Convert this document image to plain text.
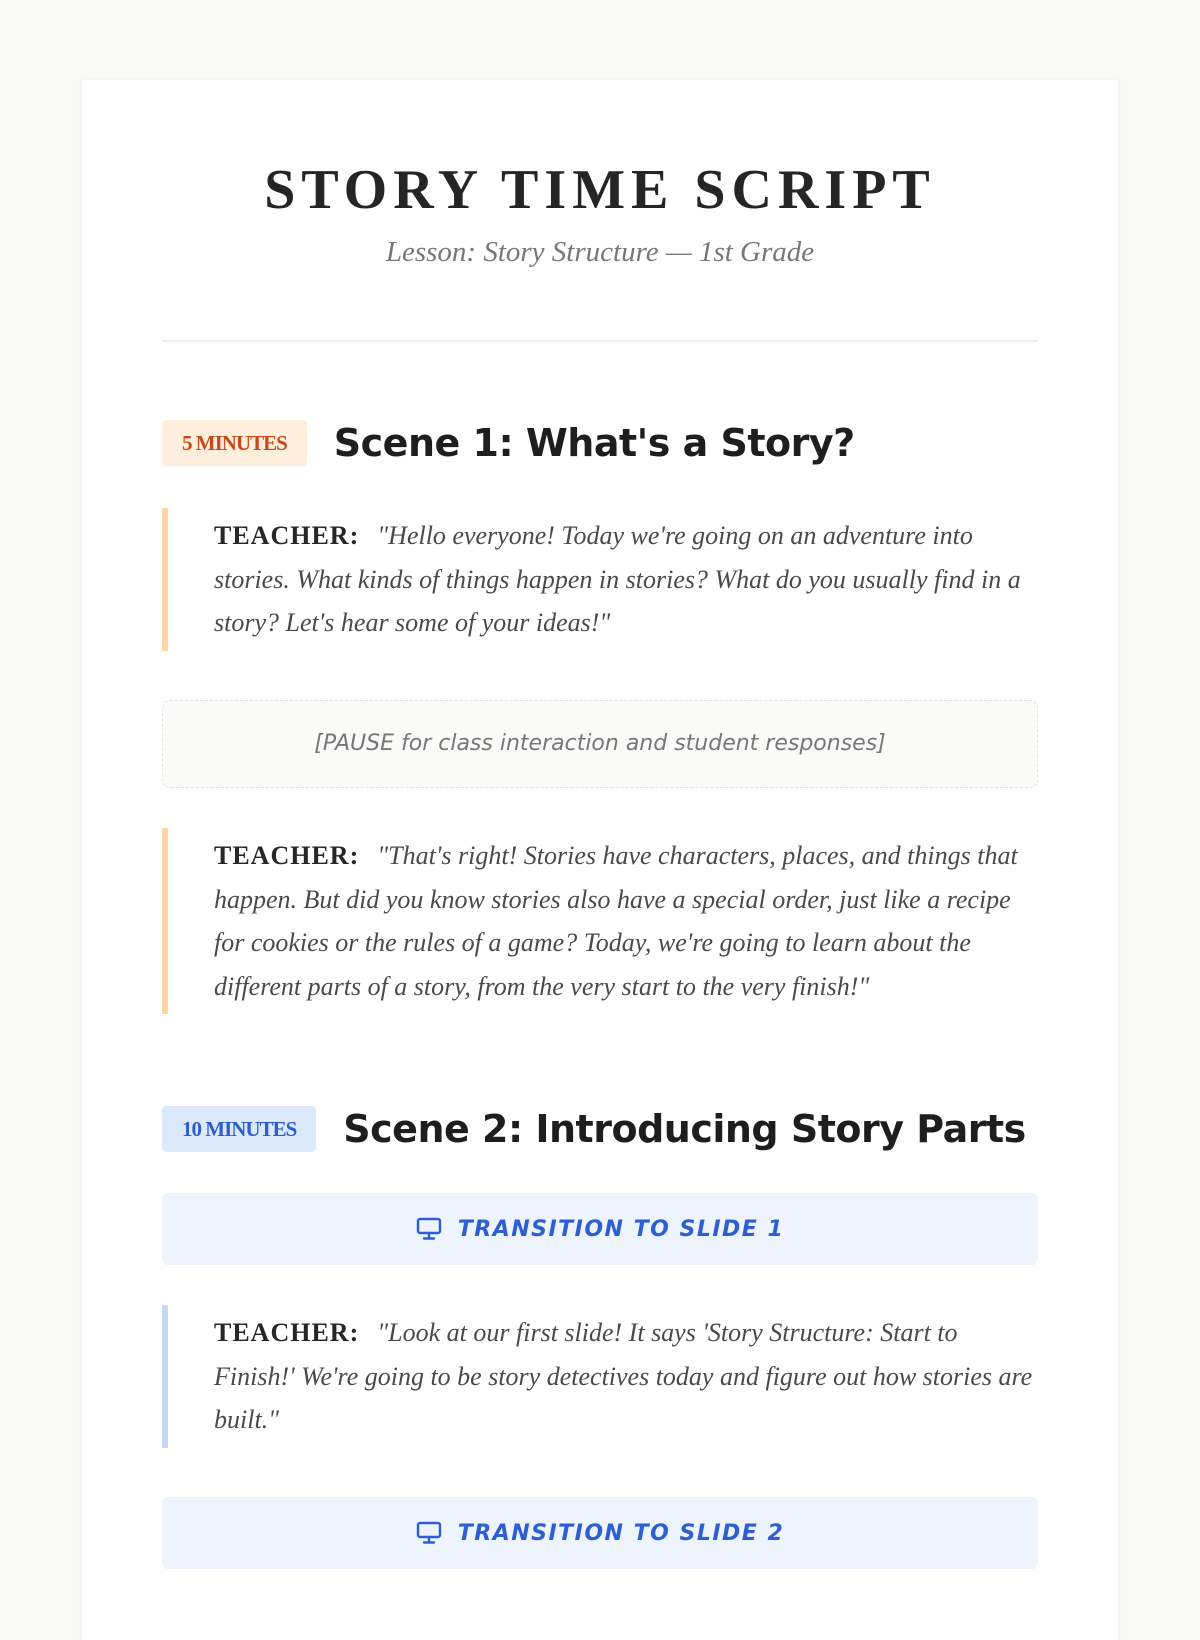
STORY TIME SCRIPT
Lesson: Story Structure — 1st Grade
5 MINUTES	Scene 1: What's a Story?

TEACHER: "Hello everyone! Today we're going on an adventure into stories. What kinds of things happen in stories? What do you usually find in a story? Let's hear some of your ideas!"

[PAUSE for class interaction and student responses]

TEACHER: "That's right! Stories have characters, places, and things that happen. But did you know stories also have a special order, just like a recipe for cookies or the rules of a game? Today, we're going to learn about the different parts of a story, from the very start to the very finish!"

10 MINUTES	Scene 2: Introducing Story Parts
TRANSITION TO SLIDE 1

TEACHER: "Look at our first slide! It says 'Story Structure: Start to Finish!' We're going to be story detectives today and figure out how stories are built."

TRANSITION TO SLIDE 2
